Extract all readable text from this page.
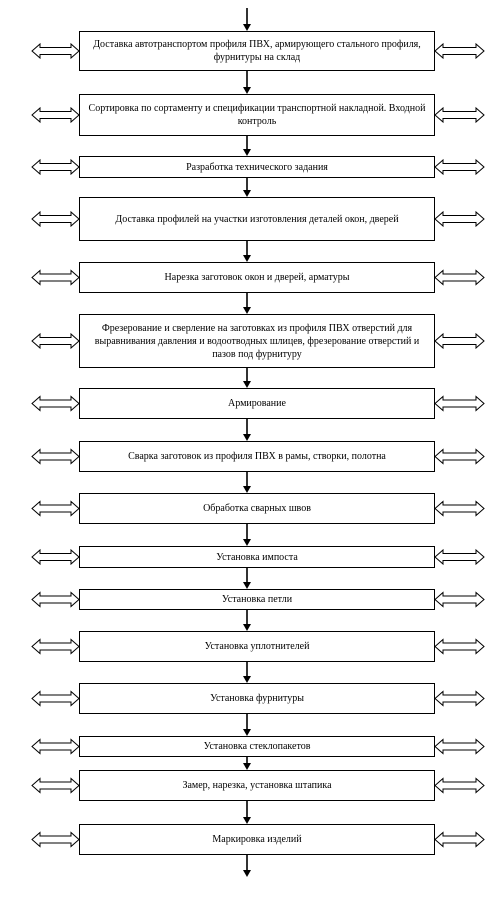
Доставка автотранспортом профиля ПВХ, армирующего стального профиля, фурнитуры на склад
Сортировка по сортаменту и спецификации транспортной накладной. Входной контроль
Разработка технического задания
Доставка профилей на участки изготовления деталей окон, дверей
Нарезка заготовок окон и дверей, арматуры
Фрезерование и сверление на заготовках из профиля ПВХ отверстий для выравнивания давления и водоотводных шлицев, фрезерование отверстий и пазов под фурнитуру
Армирование
Сварка заготовок из профиля ПВХ в рамы, створки, полотна
Обработка сварных швов
Установка импоста
Установка петли
Установка уплотнителей
Установка фурнитуры
Установка стеклопакетов
Замер, нарезка, установка штапика
Маркировка изделий
